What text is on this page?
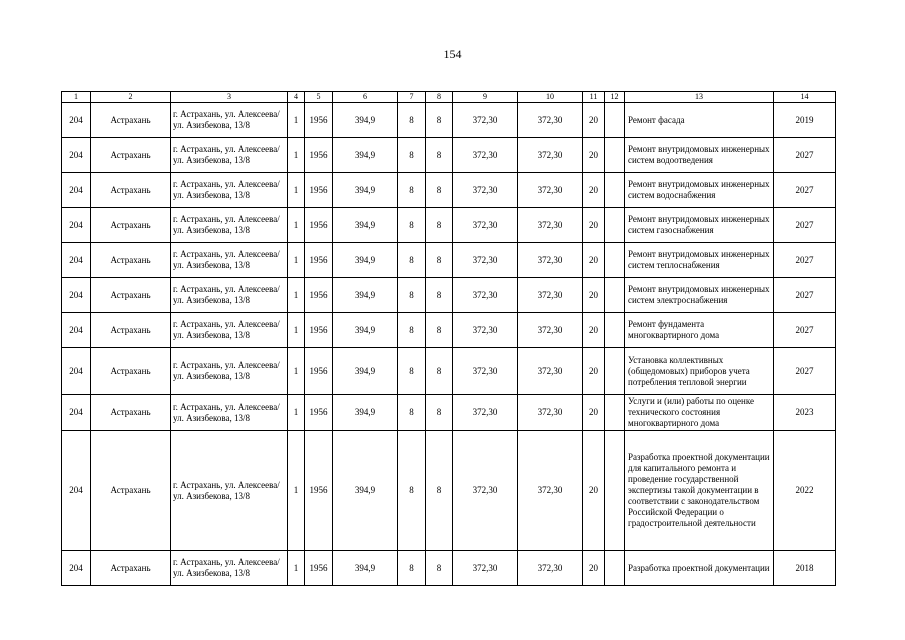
154
1	2	3	4	5	6	7	8	9	10	11	12	13	14
204	Астрахань	г. Астрахань, ул. Алексеева/ ул. Азизбекова, 13/8	1	1956	394,9	8	8	372,30	372,30	20		Ремонт фасада	2019
204	Астрахань	г. Астрахань, ул. Алексеева/ ул. Азизбекова, 13/8	1	1956	394,9	8	8	372,30	372,30	20		Ремонт внутридомовых инженерных систем водоотведения	2027
204	Астрахань	г. Астрахань, ул. Алексеева/ ул. Азизбекова, 13/8	1	1956	394,9	8	8	372,30	372,30	20		Ремонт внутридомовых инженерных систем водоснабжения	2027
204	Астрахань	г. Астрахань, ул. Алексеева/ ул. Азизбекова, 13/8	1	1956	394,9	8	8	372,30	372,30	20		Ремонт внутридомовых инженерных систем газоснабжения	2027
204	Астрахань	г. Астрахань, ул. Алексеева/ ул. Азизбекова, 13/8	1	1956	394,9	8	8	372,30	372,30	20		Ремонт внутридомовых инженерных систем теплоснабжения	2027
204	Астрахань	г. Астрахань, ул. Алексеева/ ул. Азизбекова, 13/8	1	1956	394,9	8	8	372,30	372,30	20		Ремонт внутридомовых инженерных систем электроснабжения	2027
204	Астрахань	г. Астрахань, ул. Алексеева/ ул. Азизбекова, 13/8	1	1956	394,9	8	8	372,30	372,30	20		Ремонт фундамента многоквартирного дома	2027
204	Астрахань	г. Астрахань, ул. Алексеева/ ул. Азизбекова, 13/8	1	1956	394,9	8	8	372,30	372,30	20		Установка коллективных (общедомовых) приборов учета потребления тепловой энергии	2027
204	Астрахань	г. Астрахань, ул. Алексеева/ ул. Азизбекова, 13/8	1	1956	394,9	8	8	372,30	372,30	20		Услуги и (или) работы по оценке технического состояния многоквартирного дома	2023
204	Астрахань	г. Астрахань, ул. Алексеева/ ул. Азизбекова, 13/8	1	1956	394,9	8	8	372,30	372,30	20		Разработка проектной документации для капитального ремонта и проведение государственной экспертизы такой документации в соответствии с законодательством Российской Федерации о градостроительной деятельности	2022
204	Астрахань	г. Астрахань, ул. Алексеева/ ул. Азизбекова, 13/8	1	1956	394,9	8	8	372,30	372,30	20		Разработка проектной документации	2018
